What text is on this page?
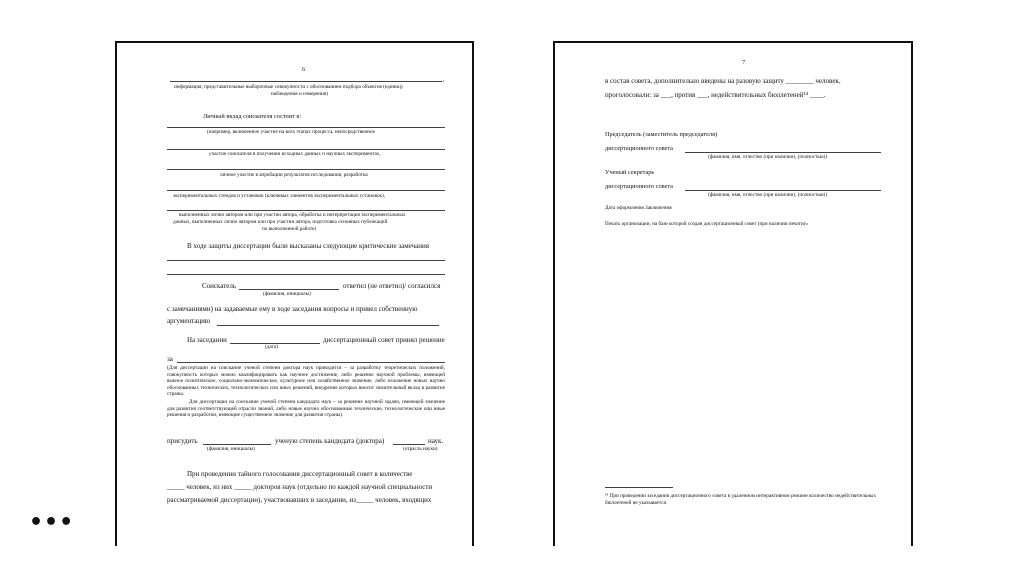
6
,
информация, представительные выборочные совокупности с обоснованием подбора объектов (единиц)
наблюдения и измерения)
Личный вклад соискателя состоит в:
(например, включенное участие на всех этапах процесса, непосредственное
участие соискателя в получении исходных данных и научных экспериментах,
личное участие в апробации результатов исследования, разработка
экспериментальных стендов и установок (ключевых элементов экспериментальных установок),
выполненных лично автором или при участии автора, обработка и интерпретация экспериментальных
данных, выполненных лично автором или при участии автора, подготовка основных публикаций
по выполненной работе)
В ходе защиты диссертации были высказаны следующие критические замечания
Соискатель	ответил (не ответил)/ согласился
(фамилия, инициалы)
с замечаниями) на задаваемые ему в ходе заседания вопросы и привел собственную
аргументацию
На заседании	диссертационный совет принял решение
(дата)
за
(Для диссертации на соискание ученой степени доктора наук приводится – за разработку теоретических положений, совокупность которых можно квалифицировать как научное достижение, либо решение научной проблемы, имеющей важное политическое, социально-экономическое, культурное или хозяйственное значение, либо изложение новых научно обоснованных технических, технологических или иных решений, внедрение которых вносит значительный вклад в развитие страны.
Для диссертации на соискание ученой степени кандидата наук – за решение научной задачи, имеющей значение для развития соответствующей отрасли знаний, либо новые научно обоснованные технические, технологические или иные решения и разработки, имеющие существенное значение для развития страны).
присудить	ученую степень кандидата (доктора)	наук.
(фамилия, инициалы)	(отрасль науки)
При проведении тайного голосования диссертационный совет в количестве
_____ человек, из них _____ докторов наук (отдельно по каждой научной специальности
рассматриваемой диссертации), участвовавших в заседании, из_____ человек, входящих
7
в состав совета, дополнительно введены на разовую защиту ________ человек,
проголосовали: за ___, против ___, недействительных бюллетеней¹⁴ ____.
Председатель (заместитель председателя)
диссертационного совета
(фамилия, имя, отчество (при наличии), (полностью))
Ученый секретарь
диссертационного совета
(фамилия, имя, отчество (при наличии), (полностью))
Дата оформления Заключения
Печать организации, на базе которой создан диссертационный совет (при наличии печати)»
¹⁴ При проведении заседания диссертационного совета в удаленном интерактивном режиме количество недействительных бюллетеней не указывается.
•••
